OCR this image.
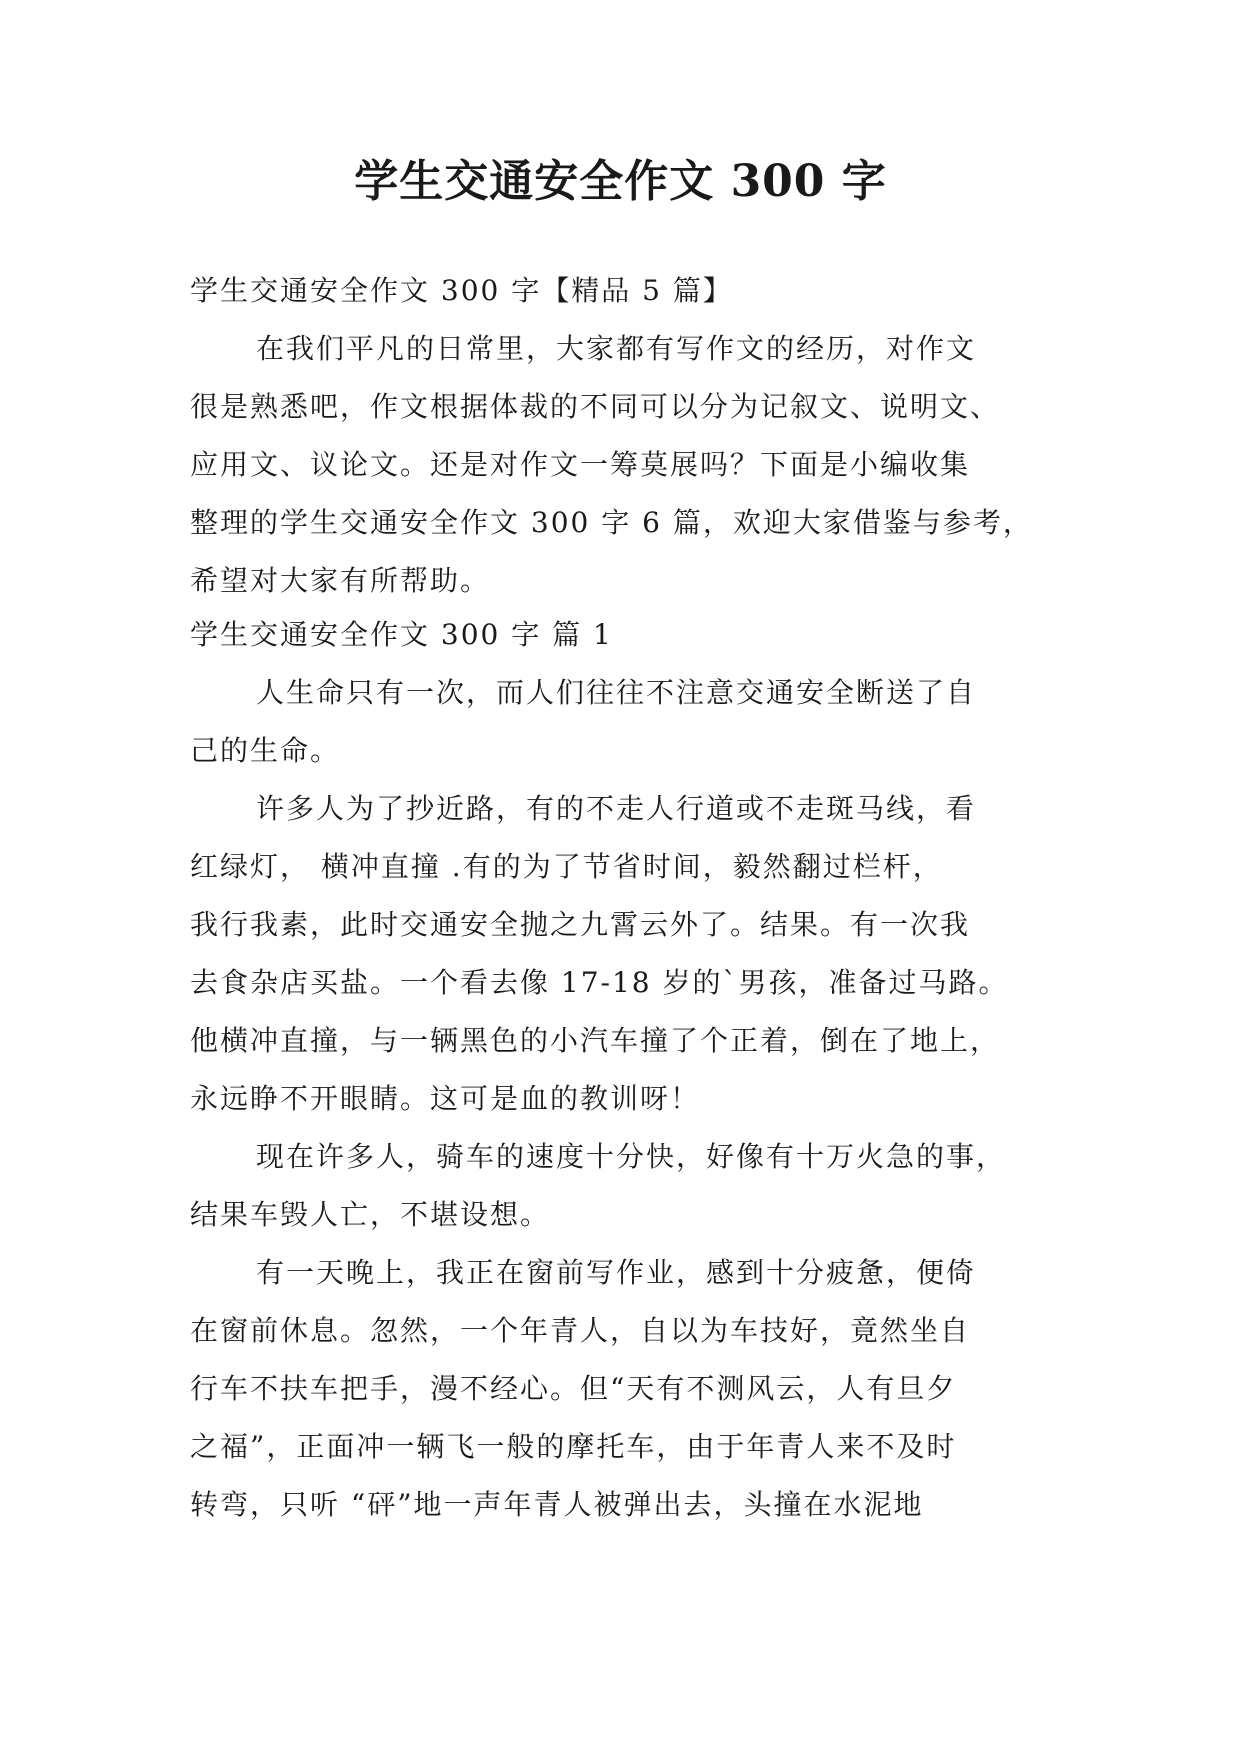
学生交通安全作文 300 字
学生交通安全作文 300 字【精品 5 篇】
在我们平凡的日常里，大家都有写作文的经历，对作文
很是熟悉吧，作文根据体裁的不同可以分为记叙文、说明文、
应用文、议论文。还是对作文一筹莫展吗？下面是小编收集
整理的学生交通安全作文 300 字 6 篇，欢迎大家借鉴与参考，
希望对大家有所帮助。
学生交通安全作文 300 字 篇 1
人生命只有一次，而人们往往不注意交通安全断送了自
己的生命。
许多人为了抄近路，有的不走人行道或不走斑马线，看
红绿灯， 横冲直撞 .有的为了节省时间，毅然翻过栏杆，
我行我素，此时交通安全抛之九霄云外了。结果。有一次我
去食杂店买盐。一个看去像 17-18 岁的`男孩，准备过马路。
他横冲直撞，与一辆黑色的小汽车撞了个正着，倒在了地上，
永远睁不开眼睛。这可是血的教训呀！
现在许多人，骑车的速度十分快，好像有十万火急的事，
结果车毁人亡，不堪设想。
有一天晚上，我正在窗前写作业，感到十分疲惫，便倚
在窗前休息。忽然，一个年青人，自以为车技好，竟然坐自
行车不扶车把手，漫不经心。但“天有不测风云，人有旦夕
之福”，正面冲一辆飞一般的摩托车，由于年青人来不及时
转弯，只听 “砰”地一声年青人被弹出去，头撞在水泥地
